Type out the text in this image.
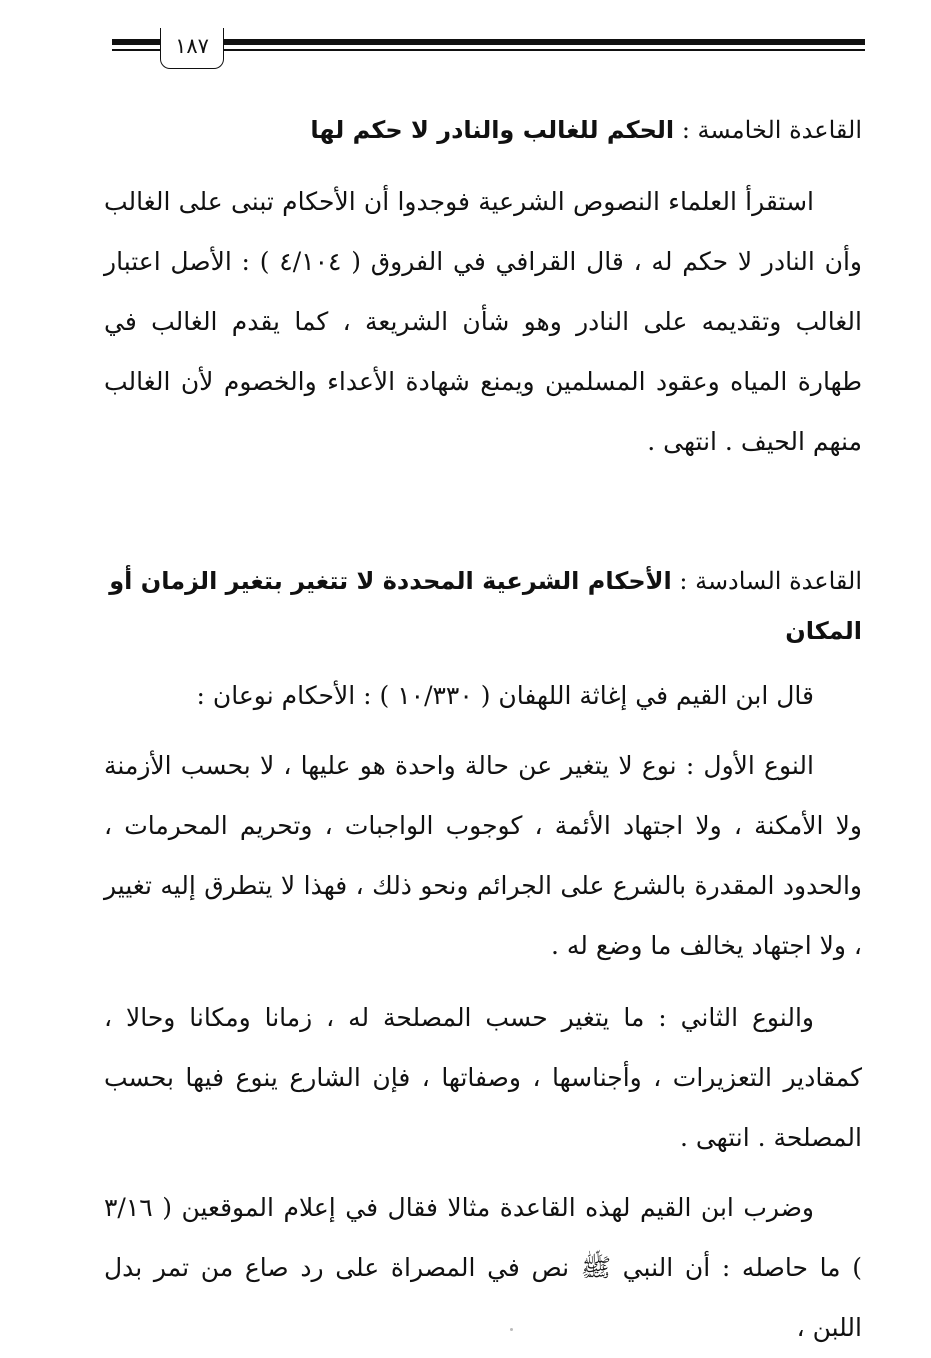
١٨٧
القاعدة الخامسة : الحكم للغالب والنادر لا حكم لها
استقرأ العلماء النصوص الشرعية فوجدوا أن الأحكام تبنى على الغالب وأن النادر لا حكم له ، قال القرافي في الفروق ( ٤/١٠٤ ) : الأصل اعتبار الغالب وتقديمه على النادر وهو شأن الشريعة ، كما يقدم الغالب في طهارة المياه وعقود المسلمين ويمنع شهادة الأعداء والخصوم لأن الغالب منهم الحيف . انتهى .
القاعدة السادسة : الأحكام الشرعية المحددة لا تتغير بتغير الزمان أو المكان
قال ابن القيم في إغاثة اللهفان ( ١٠/٣٣٠ ) : الأحكام نوعان :
النوع الأول : نوع لا يتغير عن حالة واحدة هو عليها ، لا بحسب الأزمنة ولا الأمكنة ، ولا اجتهاد الأئمة ، كوجوب الواجبات ، وتحريم المحرمات ، والحدود المقدرة بالشرع على الجرائم ونحو ذلك ، فهذا لا يتطرق إليه تغيير ، ولا اجتهاد يخالف ما وضع له .
والنوع الثاني : ما يتغير حسب المصلحة له ، زمانا ومكانا وحالا ، كمقادير التعزيرات ، وأجناسها ، وصفاتها ، فإن الشارع ينوع فيها بحسب المصلحة . انتهى .
وضرب ابن القيم لهذه القاعدة مثالا فقال في إعلام الموقعين ( ٣/١٦ ) ما حاصله : أن النبي ﷺ نص في المصراة على رد صاع من تمر بدل اللبن ،
